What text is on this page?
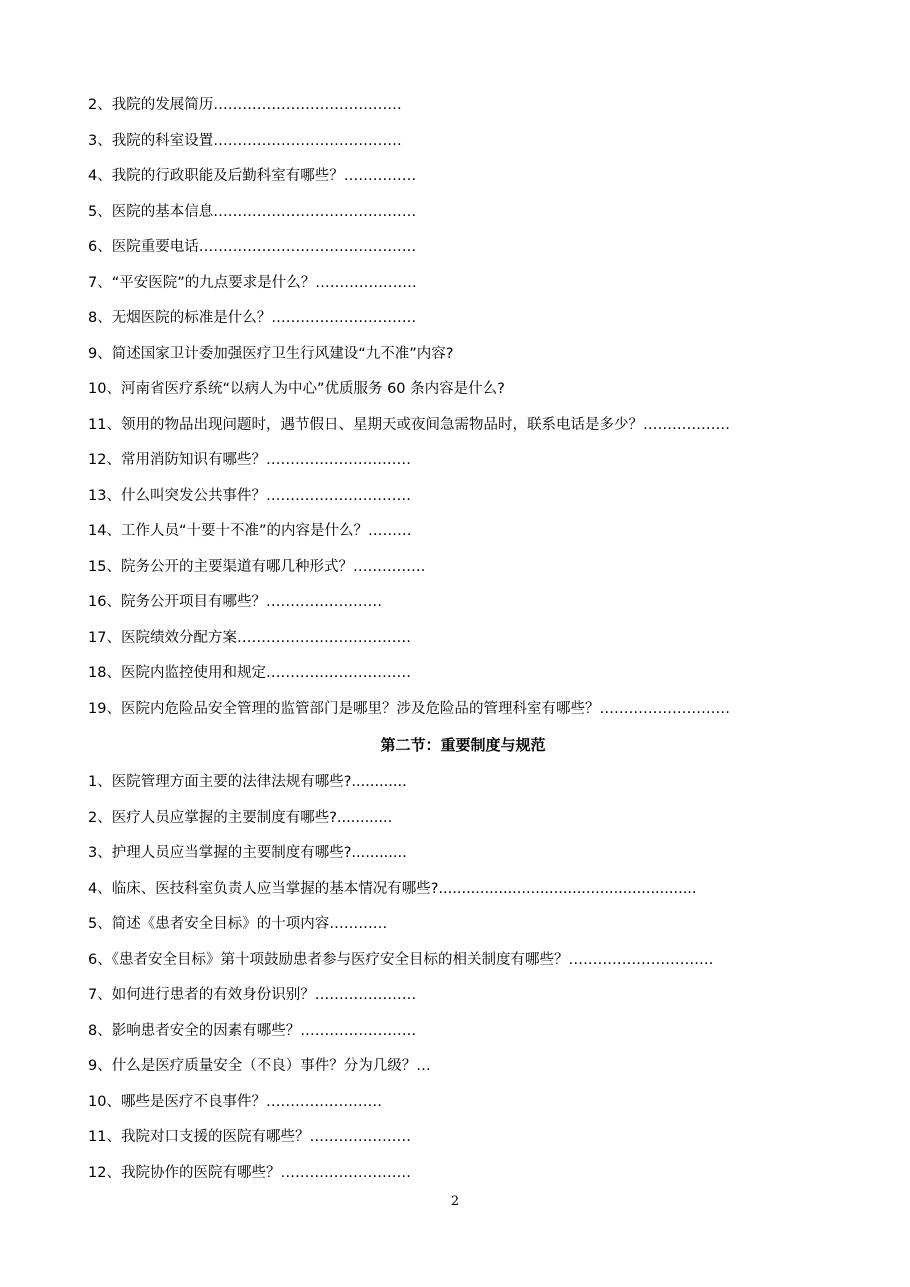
2、我院的发展简历…………………………………
3、我院的科室设置…………………………………
4、我院的行政职能及后勤科室有哪些？……………
5、医院的基本信息……………………………………
6、医院重要电话………………………………………
7、“平安医院”的九点要求是什么？…………………
8、无烟医院的标准是什么？…………………………
9、简述国家卫计委加强医疗卫生行风建设“九不准”内容?
10、河南省医疗系统“以病人为中心”优质服务 60 条内容是什么?
11、领用的物品出现问题时，遇节假日、星期天或夜间急需物品时，联系电话是多少？………………
12、常用消防知识有哪些？…………………………
13、什么叫突发公共事件？…………………………
14、工作人员“十要十不准”的内容是什么？………
15、院务公开的主要渠道有哪几种形式？……………
16、院务公开项目有哪些？……………………
17、医院绩效分配方案………………………………
18、医院内监控使用和规定…………………………
19、医院内危险品安全管理的监管部门是哪里？涉及危险品的管理科室有哪些？………………………
第二节：重要制度与规范
1、医院管理方面主要的法律法规有哪些?............
2、医疗人员应掌握的主要制度有哪些?............
3、护理人员应当掌握的主要制度有哪些?............
4、临床、医技科室负责人应当掌握的基本情况有哪些?........................................................
5、简述《患者安全目标》的十项内容…………
6、《患者安全目标》第十项鼓励患者参与医疗安全目标的相关制度有哪些？…………………………
7、如何进行患者的有效身份识别？…………………
8、影响患者安全的因素有哪些？……………………
9、什么是医疗质量安全（不良）事件？分为几级？…
10、哪些是医疗不良事件？……………………
11、我院对口支援的医院有哪些？…………………
12、我院协作的医院有哪些？………………………
2
